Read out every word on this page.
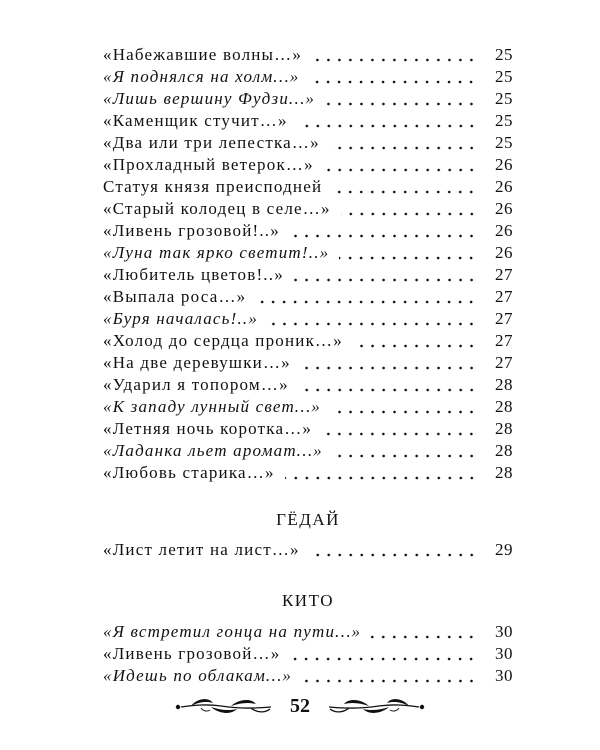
«Набежавшие волны…»	25
«Я поднялся на холм…»	25
«Лишь вершину Фудзи…»	25
«Каменщик стучит…»	25
«Два или три лепестка…»	25
«Прохладный ветерок…»	26
Статуя князя преисподней	26
«Старый колодец в селе…»	26
«Ливень грозовой!..»	26
«Луна так ярко светит!..»	26
«Любитель цветов!..»	27
«Выпала роса…»	27
«Буря началась!..»	27
«Холод до сердца проник…»	27
«На две деревушки…»	27
«Ударил я топором…»	28
«К западу лунный свет…»	28
«Летняя ночь коротка…»	28
«Ладанка льет аромат…»	28
«Любовь старика…»	28
ГЁДАЙ
«Лист летит на лист…»	29
КИТО
«Я встретил гонца на пути…»	30
«Ливень грозовой…»	30
«Идешь по облакам…»	30
52
